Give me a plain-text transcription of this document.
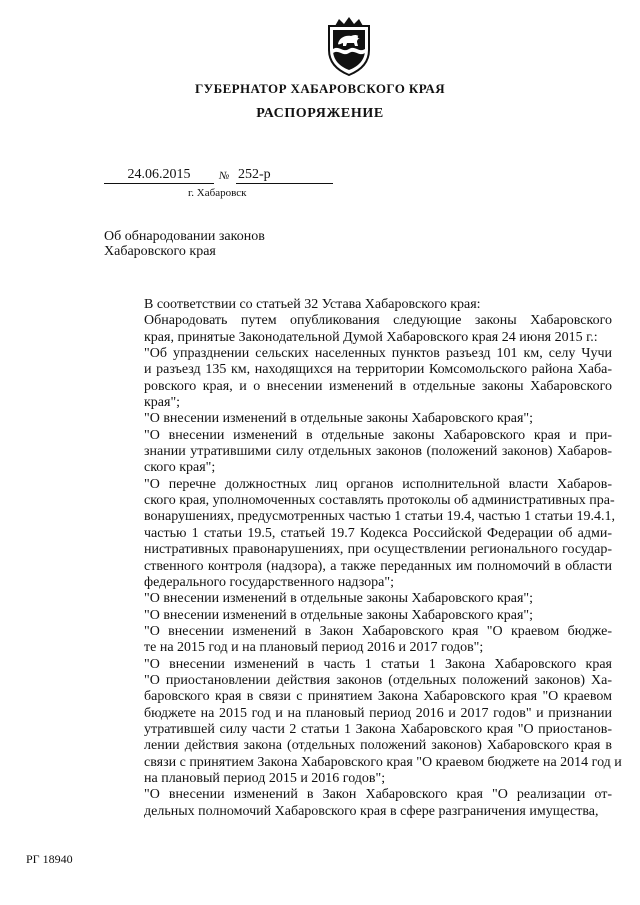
ГУБЕРНАТОР ХАБАРОВСКОГО КРАЯ
РАСПОРЯЖЕНИЕ
24.06.2015	№ 252-р
г. Хабаровск
Об обнародовании законов
Хабаровского края
В соответствии со статьей 32 Устава Хабаровского края:
Обнародовать путем опубликования следующие законы Хабаровского
края, принятые Законодательной Думой Хабаровского края 24 июня 2015 г.:
"Об упразднении сельских населенных пунктов разъезд 101 км, селу Чучи
и разъезд 135 км, находящихся на территории Комсомольского района Хаба-
ровского края, и о внесении изменений в отдельные законы Хабаровского
края";
"О внесении изменений в отдельные законы Хабаровского края";
"О внесении изменений в отдельные законы Хабаровского края и при-
знании утратившими силу отдельных законов (положений законов) Хабаров-
ского края";
"О перечне должностных лиц органов исполнительной власти Хабаров-
ского края, уполномоченных составлять протоколы об административных пра-
вонарушениях, предусмотренных частью 1 статьи 19.4, частью 1 статьи 19.4.1,
частью 1 статьи 19.5, статьей 19.7 Кодекса Российской Федерации об адми-
нистративных правонарушениях, при осуществлении регионального государ-
ственного контроля (надзора), а также переданных им полномочий в области
федерального государственного надзора";
"О внесении изменений в отдельные законы Хабаровского края";
"О внесении изменений в отдельные законы Хабаровского края";
"О внесении изменений в Закон Хабаровского края "О краевом бюдже-
те на 2015 год и на плановый период 2016 и 2017 годов";
"О внесении изменений в часть 1 статьи 1 Закона Хабаровского края
"О приостановлении действия законов (отдельных положений законов) Ха-
баровского края в связи с принятием Закона Хабаровского края "О краевом
бюджете на 2015 год и на плановый период 2016 и 2017 годов" и признании
утратившей силу части 2 статьи 1 Закона Хабаровского края "О приостанов-
лении действия закона (отдельных положений законов) Хабаровского края в
связи с принятием Закона Хабаровского края "О краевом бюджете на 2014 год и
на плановый период 2015 и 2016 годов";
"О внесении изменений в Закон Хабаровского края "О реализации от-
дельных полномочий Хабаровского края в сфере разграничения имущества,
РГ 18940
